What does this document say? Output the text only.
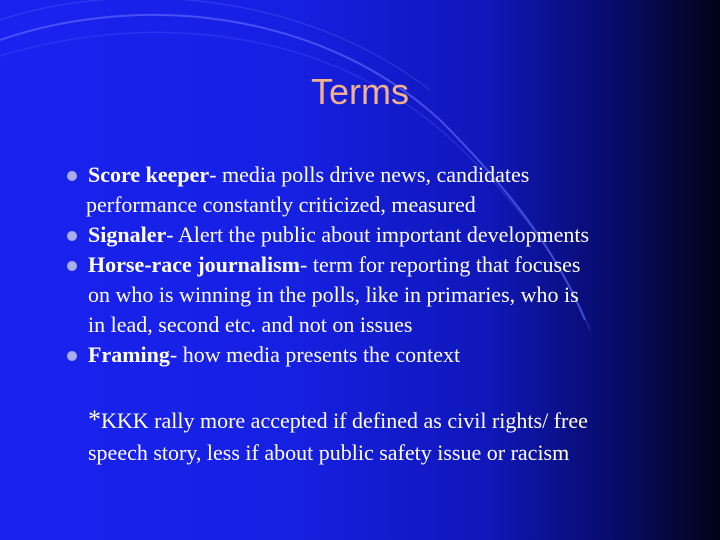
Terms
Score keeper- media polls drive news, candidates
performance constantly criticized, measured
Signaler- Alert the public about important developments
Horse-race journalism- term for reporting that focuses
on who is winning in the polls, like in primaries, who is
in lead, second etc. and not on issues
Framing- how media presents the context
*KKK rally more accepted if defined as civil rights/ free
speech story, less if about public safety issue or racism
